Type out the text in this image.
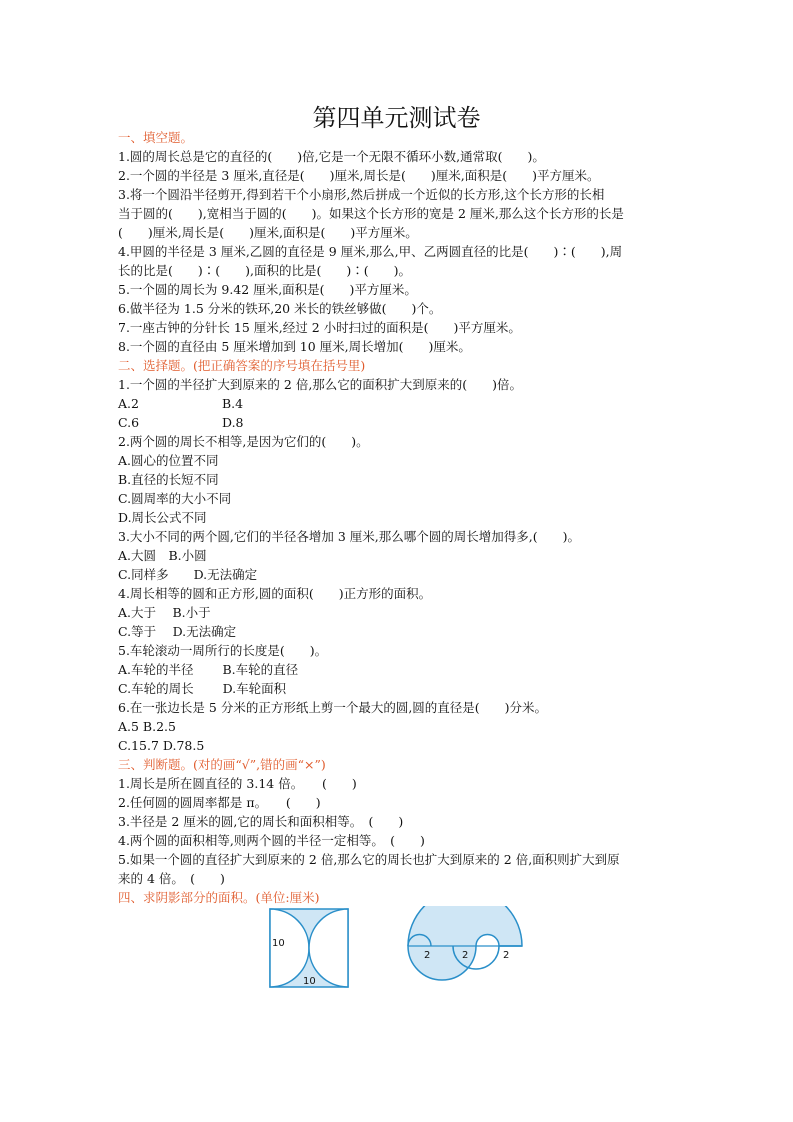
第四单元测试卷
一、填空题。
1.圆的周长总是它的直径的(　　)倍,它是一个无限不循环小数,通常取(　　)。
2.一个圆的半径是 3 厘米,直径是(　　)厘米,周长是(　　)厘米,面积是(　　)平方厘米。
3.将一个圆沿半径剪开,得到若干个小扇形,然后拼成一个近似的长方形,这个长方形的长相
当于圆的(　　),宽相当于圆的(　　)。如果这个长方形的宽是 2 厘米,那么这个长方形的长是
(　　)厘米,周长是(　　)厘米,面积是(　　)平方厘米。
4.甲圆的半径是 3 厘米,乙圆的直径是 9 厘米,那么,甲、乙两圆直径的比是(　　)∶(　　),周
长的比是(　　)∶(　　),面积的比是(　　)∶(　　)。
5.一个圆的周长为 9.42 厘米,面积是(　　)平方厘米。
6.做半径为 1.5 分米的铁环,20 米长的铁丝够做(　　)个。
7.一座古钟的分针长 15 厘米,经过 2 小时扫过的面积是(　　)平方厘米。
8.一个圆的直径由 5 厘米增加到 10 厘米,周长增加(　　)厘米。
二、选择题。(把正确答案的序号填在括号里)
1.一个圆的半径扩大到原来的 2 倍,那么它的面积扩大到原来的(　　)倍。
A.2	B.4
C.6	D.8
2.两个圆的周长不相等,是因为它们的(　　)。
A.圆心的位置不同
B.直径的长短不同
C.圆周率的大小不同
D.周长公式不同
3.大小不同的两个圆,它们的半径各增加 3 厘米,那么哪个圆的周长增加得多,(　　)。
A.大圆　B.小圆
C.同样多　　D.无法确定
4.周长相等的圆和正方形,圆的面积(　　)正方形的面积。
A.大于　 B.小于
C.等于　 D.无法确定
5.车轮滚动一周所行的长度是(　　)。
A.车轮的半径　　 B.车轮的直径
C.车轮的周长　　 D.车轮面积
6.在一张边长是 5 分米的正方形纸上剪一个最大的圆,圆的直径是(　　)分米。
A.5 B.2.5
C.15.7 D.78.5
三、判断题。(对的画“√”,错的画“×”)
1.周长是所在圆直径的 3.14 倍。　　(　　)
2.任何圆的圆周率都是 π。　　(　　)
3.半径是 2 厘米的圆,它的周长和面积相等。　(　　)
4.两个圆的面积相等,则两个圆的半径一定相等。　(　　)
5.如果一个圆的直径扩大到原来的 2 倍,那么它的周长也扩大到原来的 2 倍,面积则扩大到原
来的 4 倍。　(　　)
四、求阴影部分的面积。(单位:厘米)
10
10
2	2	2
